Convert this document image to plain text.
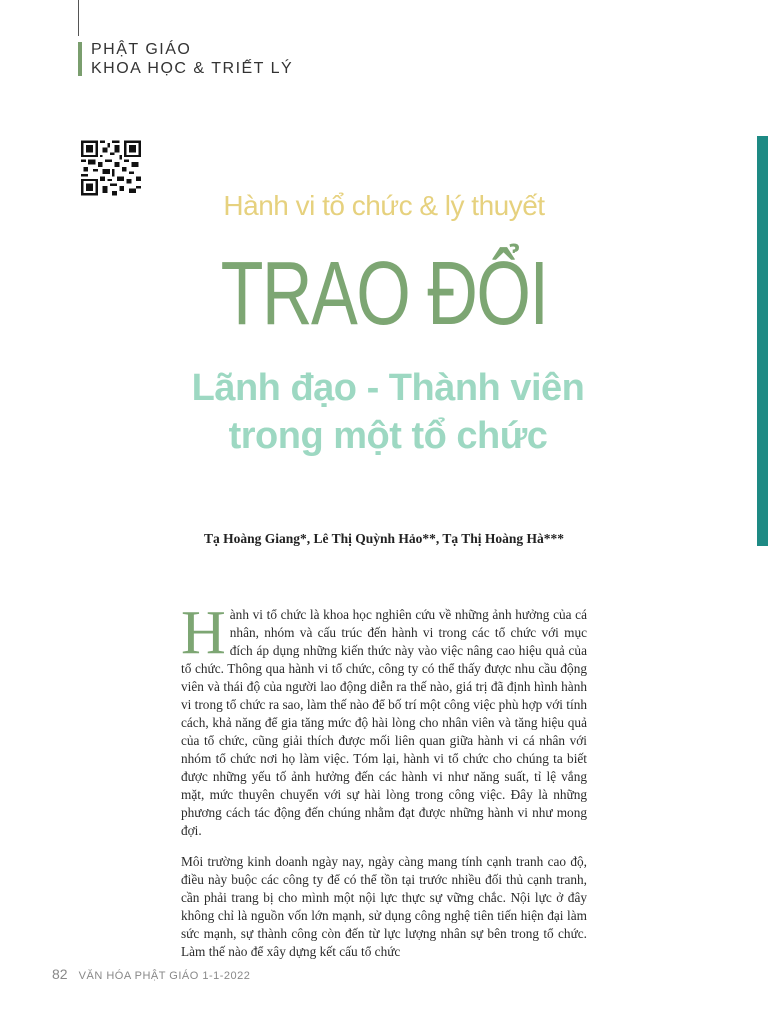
PHẬT GIÁO
KHOA HỌC & TRIẾT LÝ
Hành vi tổ chức & lý thuyết
TRAO ĐỔI
Lãnh đạo - Thành viên
trong một tổ chức
Tạ Hoàng Giang*, Lê Thị Quỳnh Hảo**, Tạ Thị Hoàng Hà***

Hành vi tổ chức là khoa học nghiên cứu về những ảnh hưởng của cá nhân, nhóm và cấu trúc đến hành vi trong các tổ chức với mục đích áp dụng những kiến thức này vào việc nâng cao hiệu quả của tổ chức. Thông qua hành vi tổ chức, công ty có thể thấy được nhu cầu động viên và thái độ của người lao động diễn ra thế nào, giá trị đã định hình hành vi trong tổ chức ra sao, làm thế nào để bố trí một công việc phù hợp với tính cách, khả năng để gia tăng mức độ hài lòng cho nhân viên và tăng hiệu quả của tổ chức, cũng giải thích được mối liên quan giữa hành vi cá nhân với nhóm tổ chức nơi họ làm việc. Tóm lại, hành vi tổ chức cho chúng ta biết được những yếu tố ảnh hưởng đến các hành vi như năng suất, tỉ lệ vắng mặt, mức thuyên chuyển với sự hài lòng trong công việc. Đây là những phương cách tác động đến chúng nhằm đạt được những hành vi như mong đợi.

Môi trường kinh doanh ngày nay, ngày càng mang tính cạnh tranh cao độ, điều này buộc các công ty để có thể tồn tại trước nhiều đối thủ cạnh tranh, cần phải trang bị cho mình một nội lực thực sự vững chắc. Nội lực ở đây không chỉ là nguồn vốn lớn mạnh, sử dụng công nghệ tiên tiến hiện đại làm sức mạnh, sự thành công còn đến từ lực lượng nhân sự bên trong tổ chức. Làm thế nào để xây dựng kết cấu tổ chức

82 VĂN HÓA PHẬT GIÁO 1-1-2022
